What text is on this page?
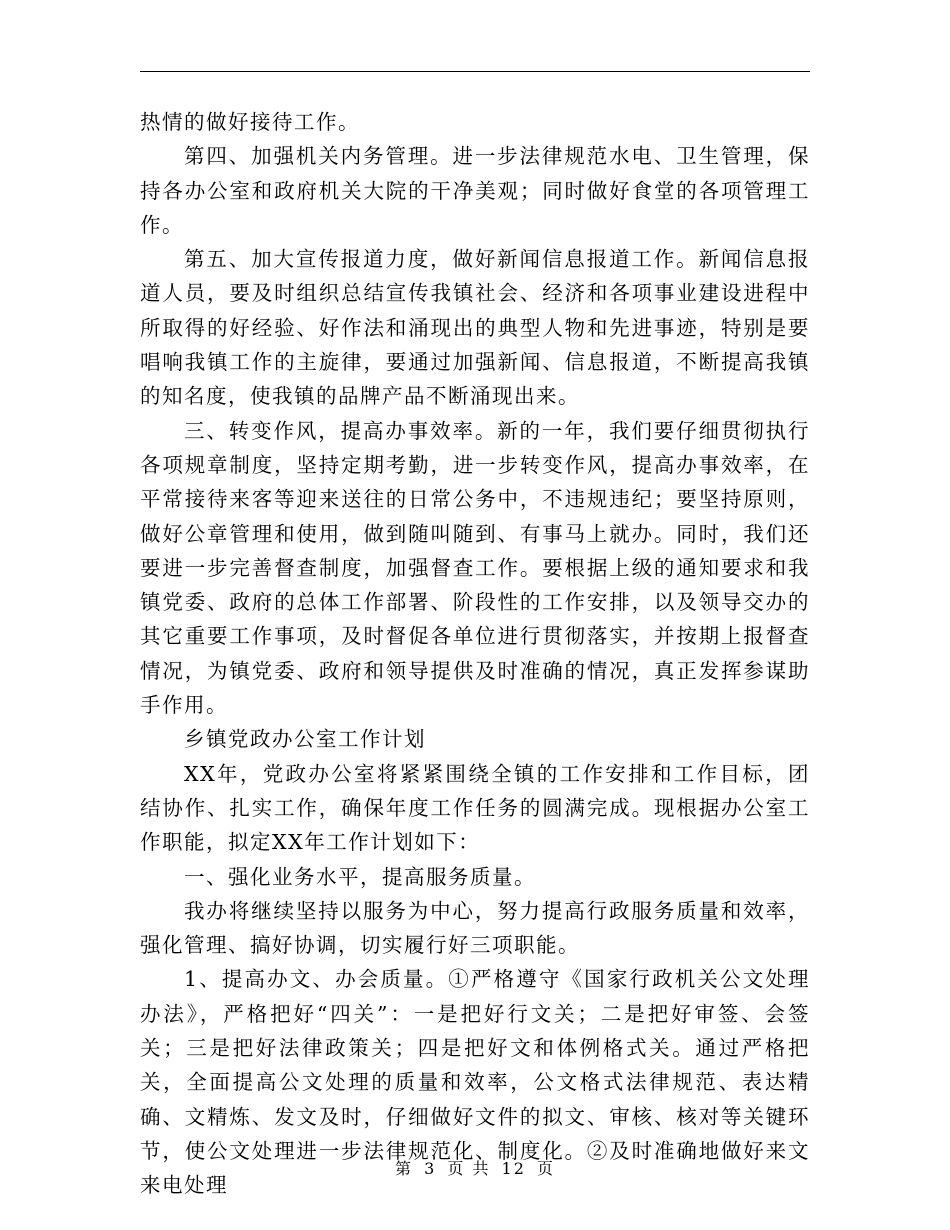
热情的做好接待工作。

第四、加强机关内务管理。进一步法律规范水电、卫生管理，保持各办公室和政府机关大院的干净美观；同时做好食堂的各项管理工作。

第五、加大宣传报道力度，做好新闻信息报道工作。新闻信息报道人员，要及时组织总结宣传我镇社会、经济和各项事业建设进程中所取得的好经验、好作法和涌现出的典型人物和先进事迹，特别是要唱响我镇工作的主旋律，要通过加强新闻、信息报道，不断提高我镇的知名度，使我镇的品牌产品不断涌现出来。

三、转变作风，提高办事效率。新的一年，我们要仔细贯彻执行各项规章制度，坚持定期考勤，进一步转变作风，提高办事效率，在平常接待来客等迎来送往的日常公务中，不违规违纪；要坚持原则，做好公章管理和使用，做到随叫随到、有事马上就办。同时，我们还要进一步完善督查制度，加强督查工作。要根据上级的通知要求和我镇党委、政府的总体工作部署、阶段性的工作安排，以及领导交办的其它重要工作事项，及时督促各单位进行贯彻落实，并按期上报督查情况，为镇党委、政府和领导提供及时准确的情况，真正发挥参谋助手作用。

乡镇党政办公室工作计划

XX年，党政办公室将紧紧围绕全镇的工作安排和工作目标，团结协作、扎实工作，确保年度工作任务的圆满完成。现根据办公室工作职能，拟定XX年工作计划如下：

一、强化业务水平，提高服务质量。

我办将继续坚持以服务为中心，努力提高行政服务质量和效率，强化管理、搞好协调，切实履行好三项职能。

1、提高办文、办会质量。①严格遵守《国家行政机关公文处理办法》，严格把好“四关”：一是把好行文关；二是把好审签、会签关；三是把好法律政策关；四是把好文和体例格式关。通过严格把关，全面提高公文处理的质量和效率，公文格式法律规范、表达精确、文精炼、发文及时，仔细做好文件的拟文、审核、核对等关键环节，使公文处理进一步法律规范化、制度化。②及时准确地做好来文来电处理

第 3 页 共 12 页
